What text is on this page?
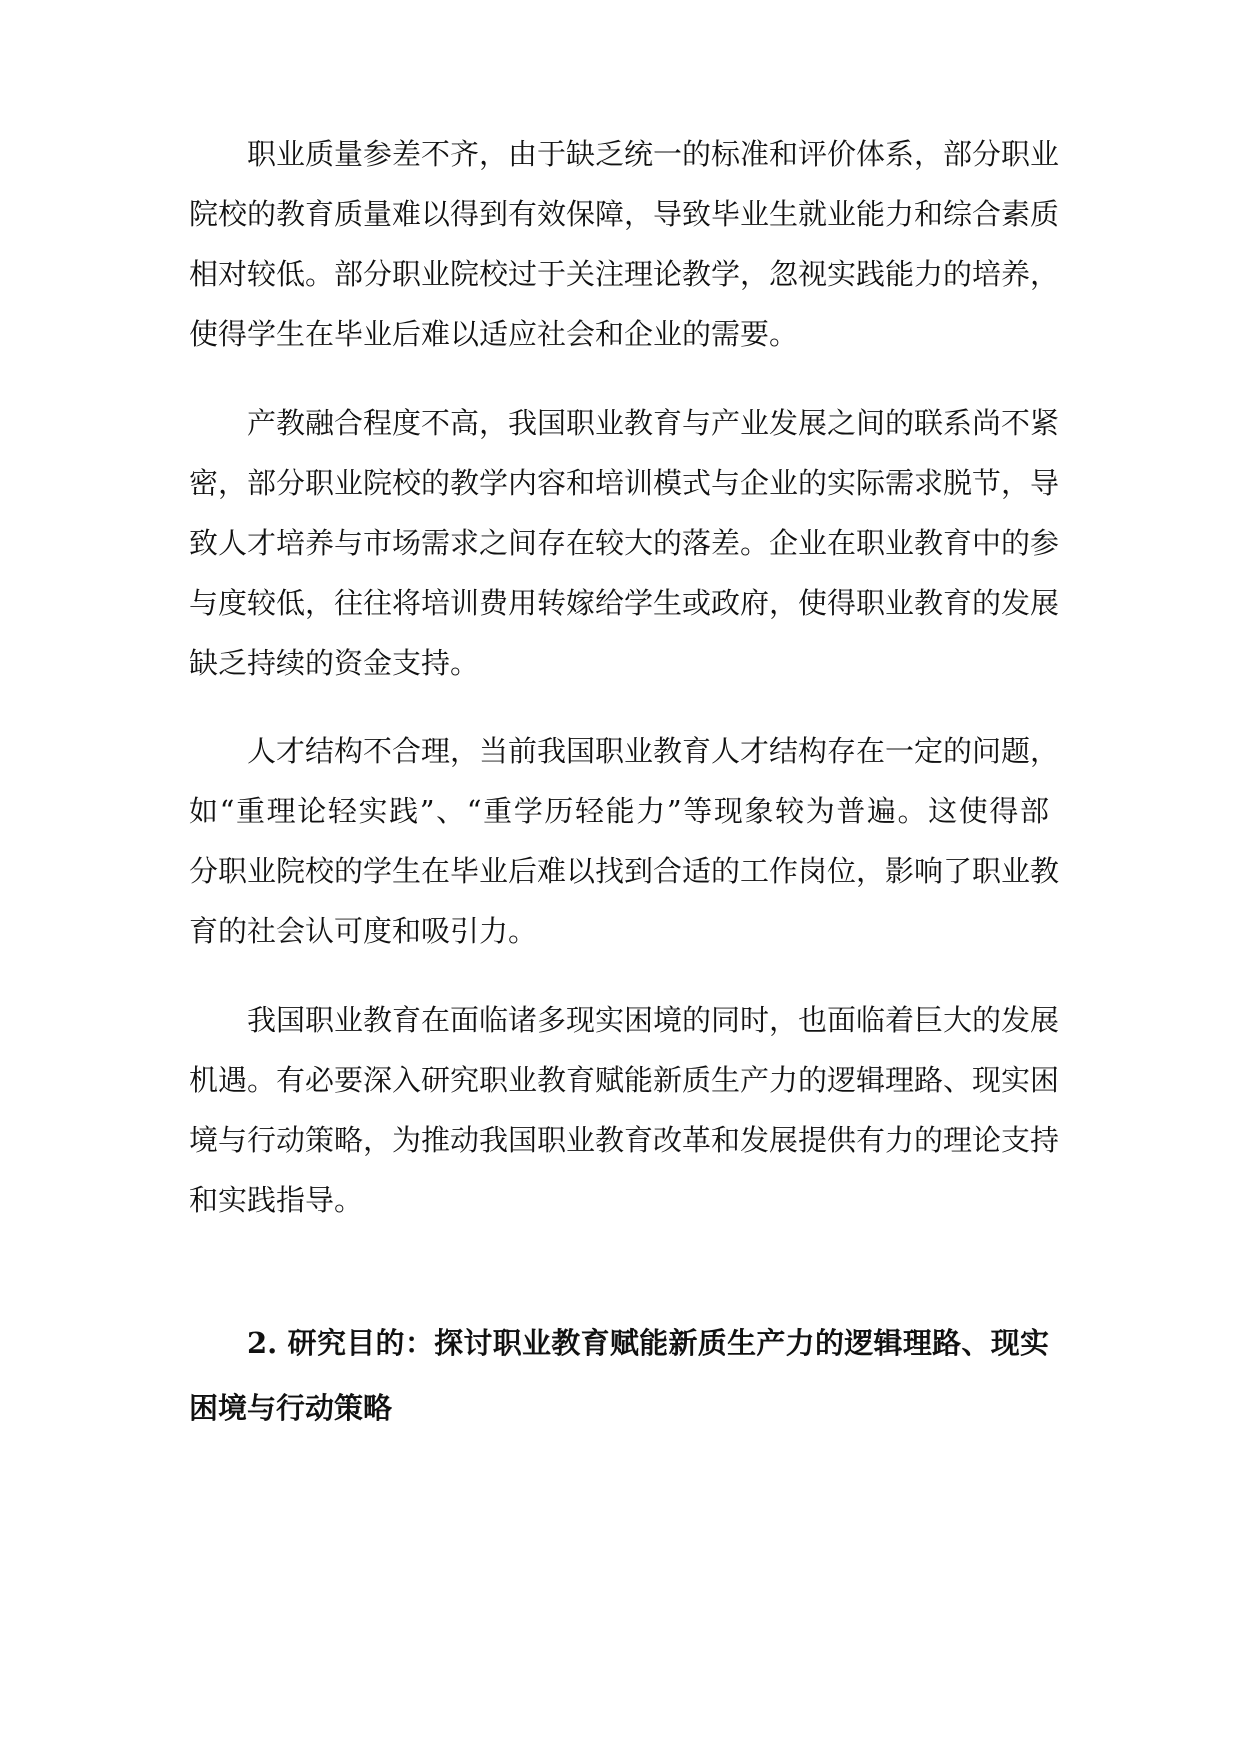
职业质量参差不齐，由于缺乏统一的标准和评价体系，部分职业
院校的教育质量难以得到有效保障，导致毕业生就业能力和综合素质
相对较低。部分职业院校过于关注理论教学，忽视实践能力的培养，
使得学生在毕业后难以适应社会和企业的需要。
产教融合程度不高，我国职业教育与产业发展之间的联系尚不紧
密，部分职业院校的教学内容和培训模式与企业的实际需求脱节，导
致人才培养与市场需求之间存在较大的落差。企业在职业教育中的参
与度较低，往往将培训费用转嫁给学生或政府，使得职业教育的发展
缺乏持续的资金支持。
人才结构不合理，当前我国职业教育人才结构存在一定的问题，
如“重理论轻实践”、“重学历轻能力”等现象较为普遍。这使得部
分职业院校的学生在毕业后难以找到合适的工作岗位，影响了职业教
育的社会认可度和吸引力。
我国职业教育在面临诸多现实困境的同时，也面临着巨大的发展
机遇。有必要深入研究职业教育赋能新质生产力的逻辑理路、现实困
境与行动策略，为推动我国职业教育改革和发展提供有力的理论支持
和实践指导。
2. 研究目的：探讨职业教育赋能新质生产力的逻辑理路、现实
困境与行动策略
